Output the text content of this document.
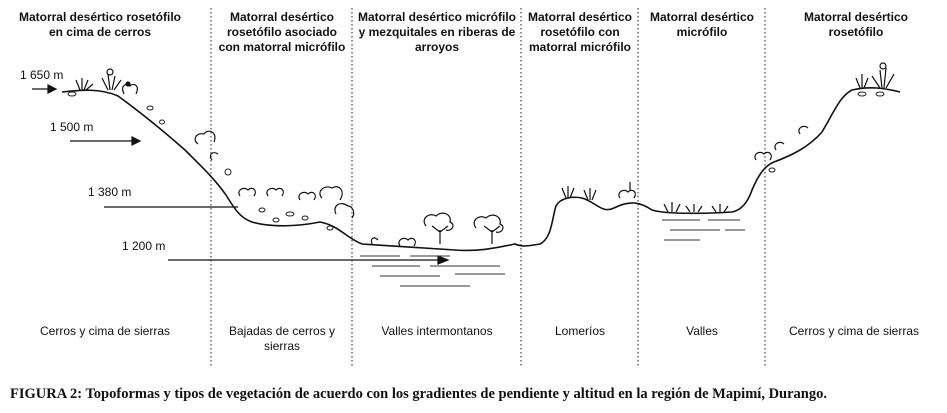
Matorral desértico rosetófilo
en cima de cerros
Matorral desértico
rosetófilo asociado
con matorral micrófilo
Matorral desértico micrófilo
y mezquitales en riberas de
arroyos
Matorral desértico
rosetófilo con
matorral micrófilo
Matorral desértico
micrófilo
Matorral desértico
rosetófilo
1 650 m
1 500 m
1 380 m
1 200 m
Cerros y cima de sierras	Bajadas de cerros y
sierras
Valles intermontanos	Lomeríos	Valles	Cerros y cima de sierras
FIGURA 2: Topoformas y tipos de vegetación de acuerdo con los gradientes de pendiente y altitud en la región de Mapimí, Durango.
